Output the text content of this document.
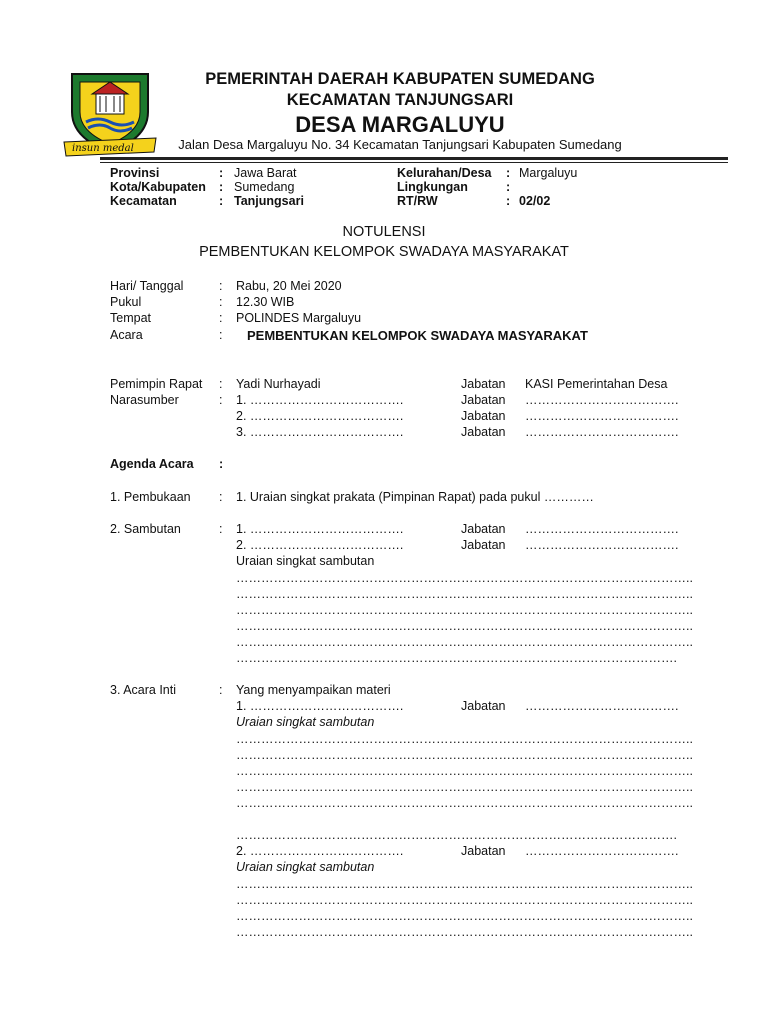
insun medal
PEMERINTAH DAERAH KABUPATEN SUMEDANG
KECAMATAN TANJUNGSARI
DESA MARGALUYU
Jalan Desa Margaluyu No. 34 Kecamatan Tanjungsari Kabupaten Sumedang
Provinsi	: Jawa Barat	Kelurahan/Desa : Margaluyu
Kota/Kabupaten : Sumedang	Lingkungan	:
Kecamatan	: Tanjungsari	RT/RW	: 02/02
NOTULENSI
PEMBENTUKAN KELOMPOK SWADAYA MASYARAKAT
Hari/ Tanggal	: Rabu, 20 Mei 2020
Pukul	: 12.30 WIB
Tempat	: POLINDES Margaluyu
Acara	: PEMBENTUKAN KELOMPOK SWADAYA MASYARAKAT
Pemimpin Rapat : Yadi Nurhayadi	Jabatan KASI Pemerintahan Desa
Narasumber	: 1. ……………………………….	Jabatan ……………………………….
2. ……………………………….	Jabatan ……………………………….
3. ……………………………….	Jabatan ……………………………….
Agenda Acara :
1. Pembukaan : 1. Uraian singkat prakata (Pimpinan Rapat) pada pukul …………
2. Sambutan	: 1. ……………………………….	Jabatan ……………………………….
2. ……………………………….	Jabatan ……………………………….
Uraian singkat sambutan
………………………………………………………………………………………………..
………………………………………………………………………………………………..
………………………………………………………………………………………………..
………………………………………………………………………………………………..
………………………………………………………………………………………………..
…………………………………………………………………………………………….
3. Acara Inti	: Yang menyampaikan materi
1. ……………………………….	Jabatan ……………………………….
Uraian singkat sambutan
………………………………………………………………………………………………..
………………………………………………………………………………………………..
………………………………………………………………………………………………..
………………………………………………………………………………………………..
………………………………………………………………………………………………..
…………………………………………………………………………………………….
2. ……………………………….	Jabatan ……………………………….
Uraian singkat sambutan
………………………………………………………………………………………………..
………………………………………………………………………………………………..
………………………………………………………………………………………………..
………………………………………………………………………………………………..
